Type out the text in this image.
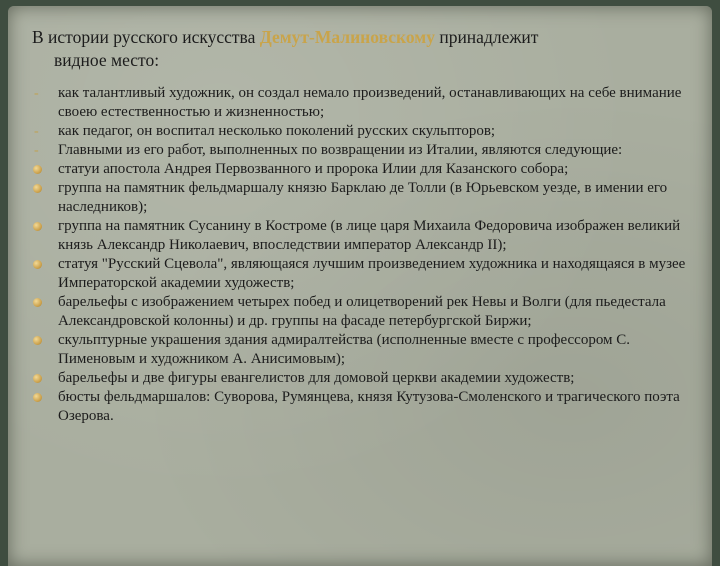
В истории русского искусства Демут-Малиновскому принадлежит
видное место:

-	как талантливый художник, он создал немало произведений, останавливающих на себе внимание своею естественностью и жизненностью;
-	как педагог, он воспитал несколько поколений русских скульпторов;
-	Главными из его работ, выполненных по возвращении из Италии, являются следующие:
статуи апостола Андрея Первозванного и пророка Илии для Казанского собора;
группа на памятник фельдмаршалу князю Барклаю де Толли (в Юрьевском уезде, в имении его наследников);
группа на памятник Сусанину в Костроме (в лице царя Михаила Федоровича изображен великий князь Александр Николаевич, впоследствии император Александр II);
статуя "Русский Сцевола", являющаяся лучшим произведением художника и находящаяся в музее Императорской академии художеств;
барельефы с изображением четырех побед и олицетворений рек Невы и Волги (для пьедестала Александровской колонны) и др. группы на фасаде петербургской Биржи;
скульптурные украшения здания адмиралтейства (исполненные вместе с профессором С. Пименовым и художником А. Анисимовым);
барельефы и две фигуры евангелистов для домовой церкви академии художеств;
бюсты фельдмаршалов: Суворова, Румянцева, князя Кутузова-Смоленского и трагического поэта Озерова.
